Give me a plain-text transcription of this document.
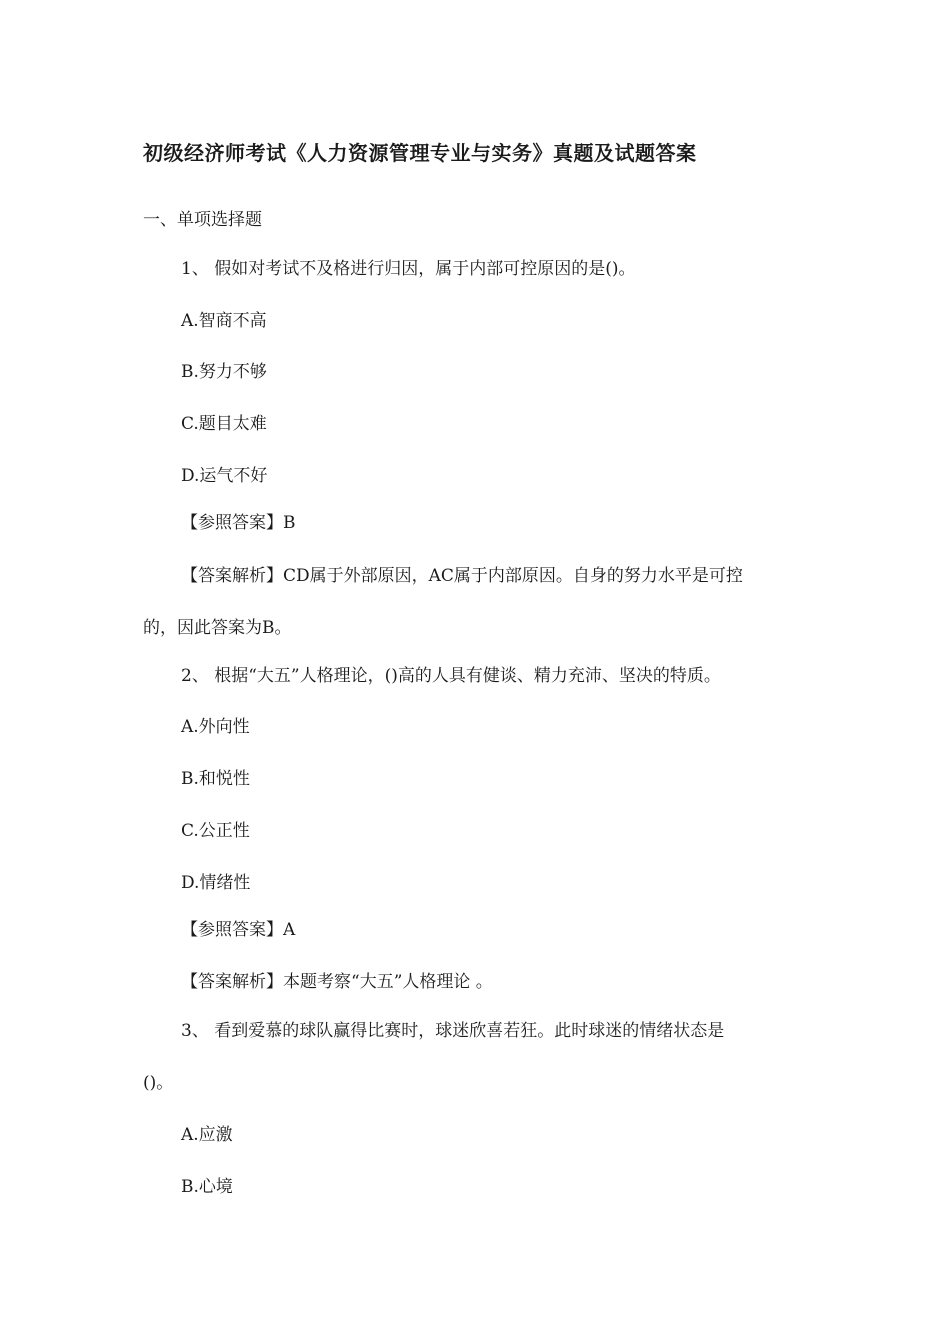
初级经济师考试《人力资源管理专业与实务》真题及试题答案
一、单项选择题
1、 假如对考试不及格进行归因，属于内部可控原因的是()。
A.智商不高
B.努力不够
C.题目太难
D.运气不好
【参照答案】B
【答案解析】CD属于外部原因，AC属于内部原因。自身的努力水平是可控
的，因此答案为B。
2、 根据“大五”人格理论，()高的人具有健谈、精力充沛、坚决的特质。
A.外向性
B.和悦性
C.公正性
D.情绪性
【参照答案】A
【答案解析】本题考察“大五”人格理论 。
3、 看到爱慕的球队赢得比赛时，球迷欣喜若狂。此时球迷的情绪状态是
()。
A.应激
B.心境
